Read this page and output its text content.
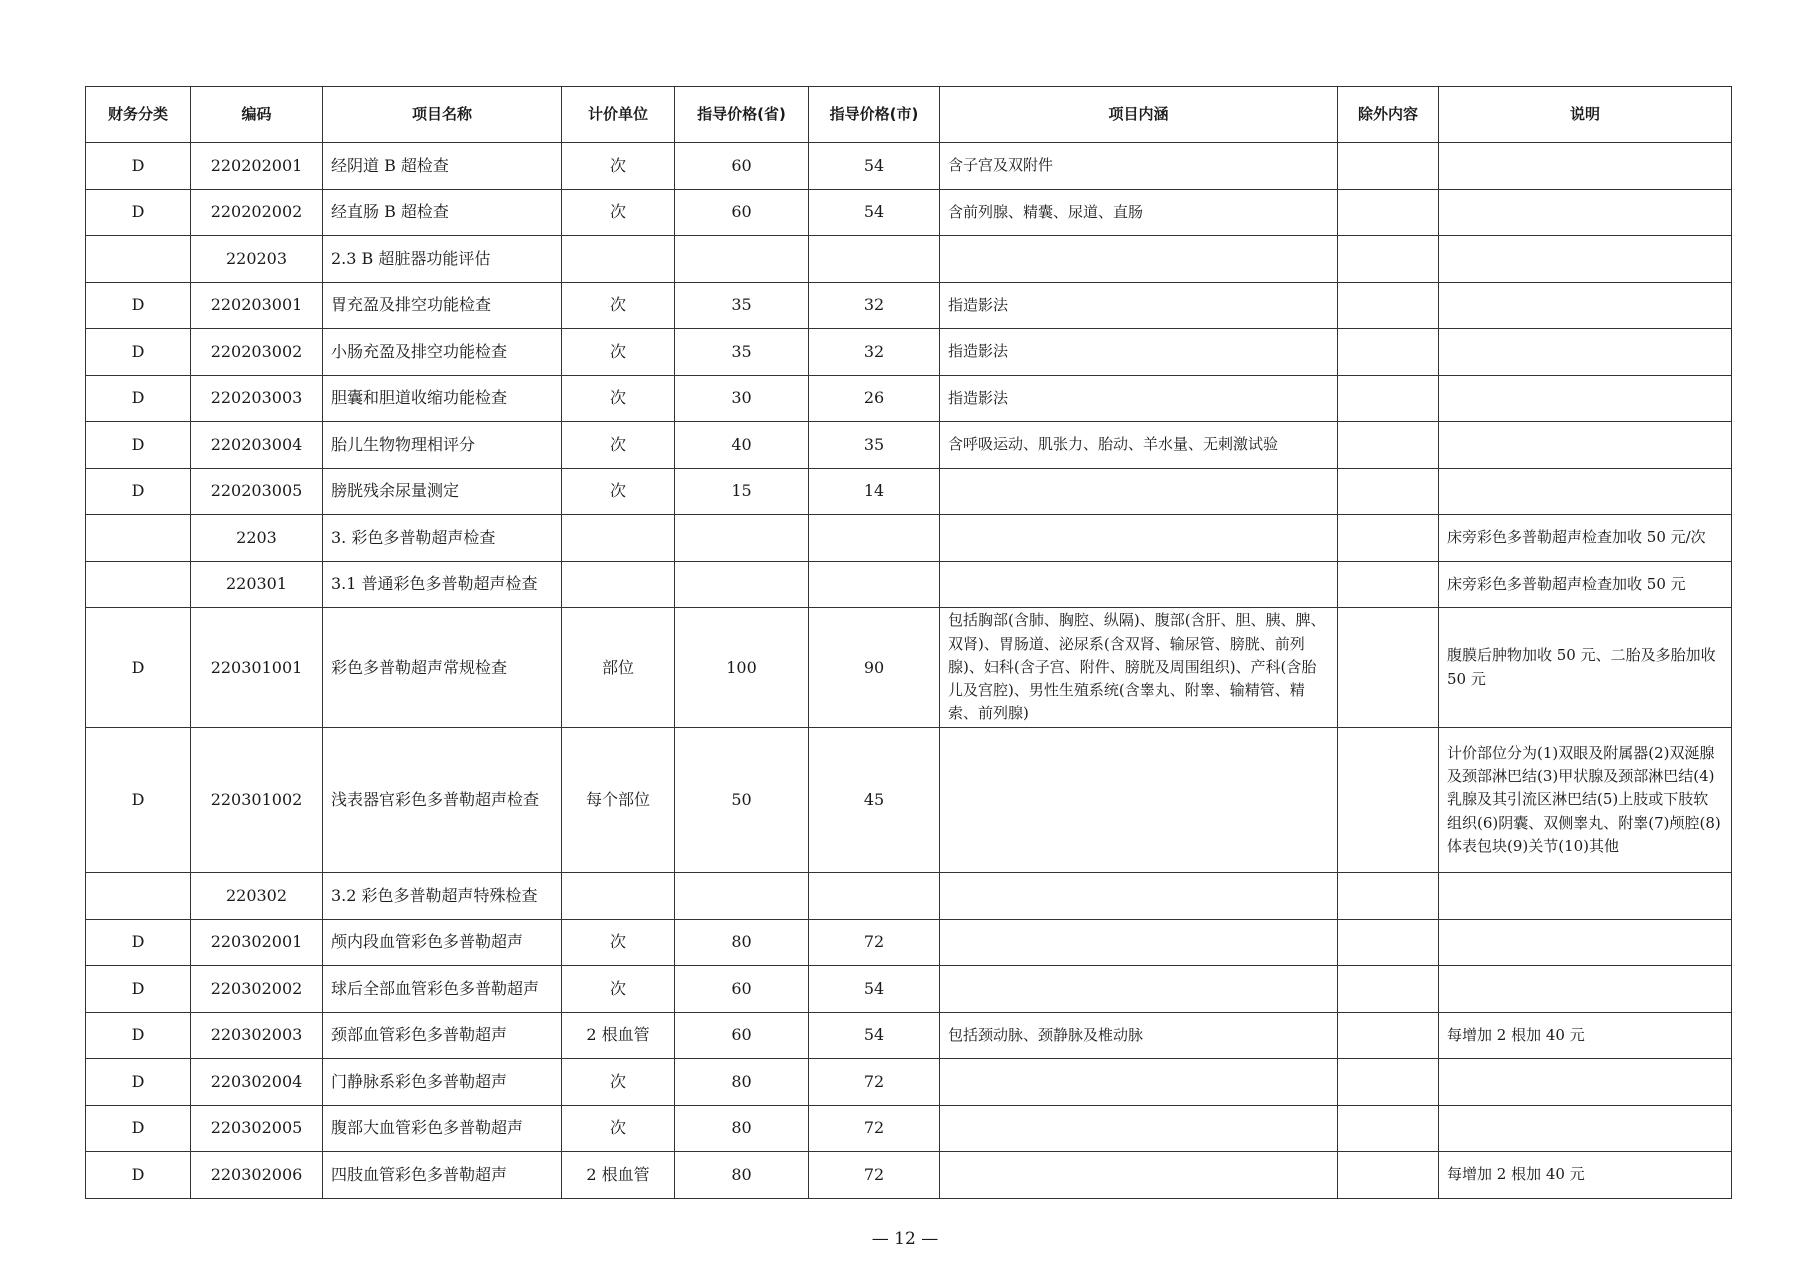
财务分类	编码	项目名称	计价单位	指导价格(省)	指导价格(市)	项目内涵	除外内容	说明
D	220202001	经阴道 B 超检查	次	60	54	含子宫及双附件		
D	220202002	经直肠 B 超检查	次	60	54	含前列腺、精囊、尿道、直肠		
	220203	2.3 B 超脏器功能评估						
D	220203001	胃充盈及排空功能检查	次	35	32	指造影法		
D	220203002	小肠充盈及排空功能检查	次	35	32	指造影法		
D	220203003	胆囊和胆道收缩功能检查	次	30	26	指造影法		
D	220203004	胎儿生物物理相评分	次	40	35	含呼吸运动、肌张力、胎动、羊水量、无刺激试验		
D	220203005	膀胱残余尿量测定	次	15	14			
	2203	3. 彩色多普勒超声检查						床旁彩色多普勒超声检查加收 50 元/次
	220301	3.1 普通彩色多普勒超声检查						床旁彩色多普勒超声检查加收 50 元
D	220301001	彩色多普勒超声常规检查	部位	100	90	包括胸部(含肺、胸腔、纵隔)、腹部(含肝、胆、胰、脾、双肾)、胃肠道、泌尿系(含双肾、输尿管、膀胱、前列腺)、妇科(含子宫、附件、膀胱及周围组织)、产科(含胎儿及宫腔)、男性生殖系统(含睾丸、附睾、输精管、精索、前列腺)		腹膜后肿物加收 50 元、二胎及多胎加收 50 元
D	220301002	浅表器官彩色多普勒超声检查	每个部位	50	45			计价部位分为(1)双眼及附属器(2)双涎腺及颈部淋巴结(3)甲状腺及颈部淋巴结(4)乳腺及其引流区淋巴结(5)上肢或下肢软组织(6)阴囊、双侧睾丸、附睾(7)颅腔(8)体表包块(9)关节(10)其他
	220302	3.2 彩色多普勒超声特殊检查						
D	220302001	颅内段血管彩色多普勒超声	次	80	72			
D	220302002	球后全部血管彩色多普勒超声	次	60	54			
D	220302003	颈部血管彩色多普勒超声	2 根血管	60	54	包括颈动脉、颈静脉及椎动脉		每增加 2 根加 40 元
D	220302004	门静脉系彩色多普勒超声	次	80	72			
D	220302005	腹部大血管彩色多普勒超声	次	80	72			
D	220302006	四肢血管彩色多普勒超声	2 根血管	80	72			每增加 2 根加 40 元
— 12 —
